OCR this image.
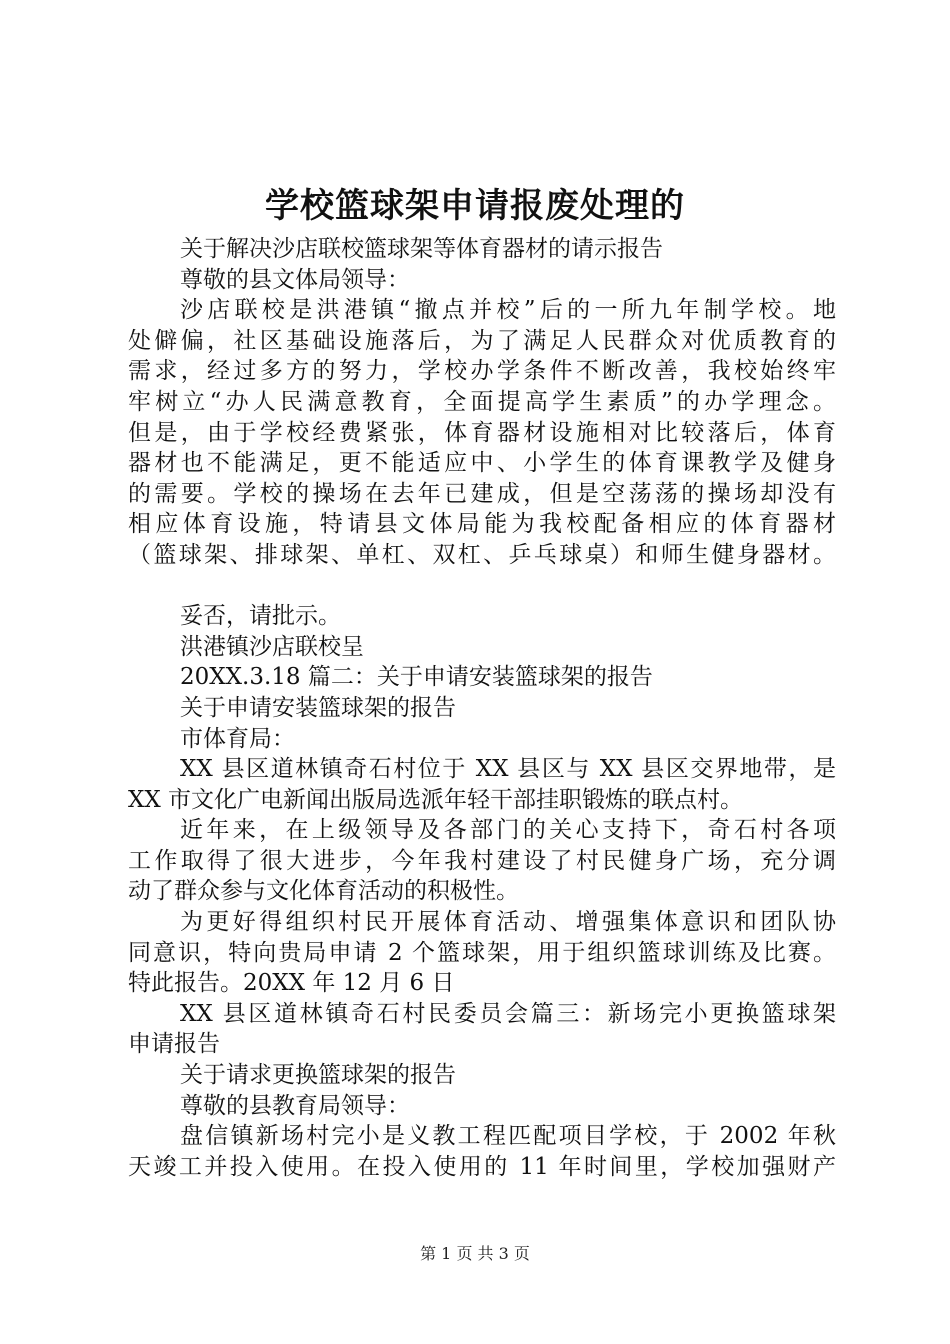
学校篮球架申请报废处理的
关于解决沙店联校篮球架等体育器材的请示报告
尊敬的县文体局领导：
沙店联校是洪港镇“撤点并校”后的一所九年制学校。地
处僻偏，社区基础设施落后，为了满足人民群众对优质教育的
需求，经过多方的努力，学校办学条件不断改善，我校始终牢
牢树立“办人民满意教育，全面提高学生素质”的办学理念。
但是，由于学校经费紧张，体育器材设施相对比较落后，体育
器材也不能满足，更不能适应中、小学生的体育课教学及健身
的需要。学校的操场在去年已建成，但是空荡荡的操场却没有
相应体育设施，特请县文体局能为我校配备相应的体育器材
（篮球架、排球架、单杠、双杠、乒乓球桌）和师生健身器材。
妥否，请批示。
洪港镇沙店联校呈
20XX.3.18 篇二：关于申请安装篮球架的报告
关于申请安装篮球架的报告
市体育局：
XX 县区道林镇奇石村位于 XX 县区与 XX 县区交界地带，是
XX 市文化广电新闻出版局选派年轻干部挂职锻炼的联点村。
近年来，在上级领导及各部门的关心支持下，奇石村各项
工作取得了很大进步，今年我村建设了村民健身广场，充分调
动了群众参与文化体育活动的积极性。
为更好得组织村民开展体育活动、增强集体意识和团队协
同意识，特向贵局申请 2 个篮球架，用于组织篮球训练及比赛。
特此报告。20XX 年 12 月 6 日
XX 县区道林镇奇石村民委员会篇三：新场完小更换篮球架
申请报告
关于请求更换篮球架的报告
尊敬的县教育局领导：
盘信镇新场村完小是义教工程匹配项目学校，于 2002 年秋
天竣工并投入使用。在投入使用的 11 年时间里，学校加强财产
第 1 页 共 3 页
